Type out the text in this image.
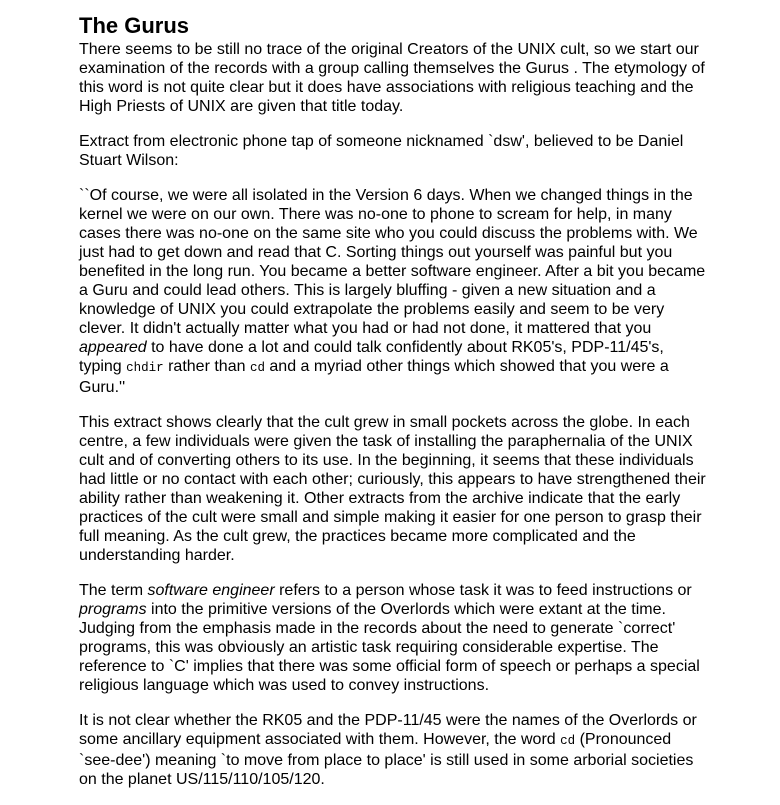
The Gurus

There seems to be still no trace of the original Creators of the UNIX cult, so we start our examination of the records with a group calling themselves the Gurus . The etymology of this word is not quite clear but it does have associations with religious teaching and the High Priests of UNIX are given that title today.

Extract from electronic phone tap of someone nicknamed `dsw', believed to be Daniel Stuart Wilson:

``Of course, we were all isolated in the Version 6 days. When we changed things in the kernel we were on our own. There was no-one to phone to scream for help, in many cases there was no-one on the same site who you could discuss the problems with. We just had to get down and read that C. Sorting things out yourself was painful but you benefited in the long run. You became a better software engineer. After a bit you became a Guru and could lead others. This is largely bluffing - given a new situation and a knowledge of UNIX you could extrapolate the problems easily and seem to be very clever. It didn't actually matter what you had or had not done, it mattered that you appeared to have done a lot and could talk confidently about RK05's, PDP-11/45's, typing chdir rather than cd and a myriad other things which showed that you were a Guru.''

This extract shows clearly that the cult grew in small pockets across the globe. In each centre, a few individuals were given the task of installing the paraphernalia of the UNIX cult and of converting others to its use. In the beginning, it seems that these individuals had little or no contact with each other; curiously, this appears to have strengthened their ability rather than weakening it. Other extracts from the archive indicate that the early practices of the cult were small and simple making it easier for one person to grasp their full meaning. As the cult grew, the practices became more complicated and the understanding harder.

The term software engineer refers to a person whose task it was to feed instructions or programs into the primitive versions of the Overlords which were extant at the time. Judging from the emphasis made in the records about the need to generate `correct' programs, this was obviously an artistic task requiring considerable expertise. The reference to `C' implies that there was some official form of speech or perhaps a special religious language which was used to convey instructions.

It is not clear whether the RK05 and the PDP-11/45 were the names of the Overlords or some ancillary equipment associated with them. However, the word cd (Pronounced `see-dee') meaning `to move from place to place' is still used in some arborial societies on the planet US/115/110/105/120.
